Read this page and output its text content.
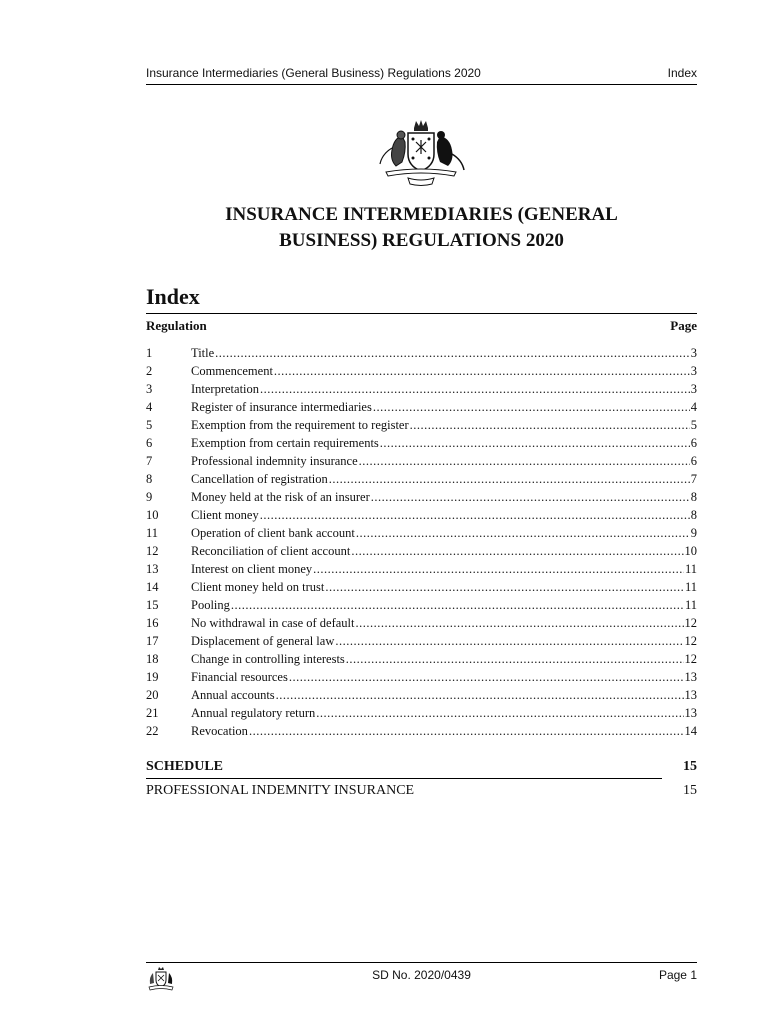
Insurance Intermediaries (General Business) Regulations 2020	Index
INSURANCE INTERMEDIARIES (GENERAL
BUSINESS) REGULATIONS 2020
Index
Regulation	Page
1	Title .....	3
2	Commencement .....	3
3	Interpretation .....	3
4	Register of insurance intermediaries .....	4
5	Exemption from the requirement to register .....	5
6	Exemption from certain requirements .....	6
7	Professional indemnity insurance .....	6
8	Cancellation of registration .....	7
9	Money held at the risk of an insurer .....	8
10	Client money .....	8
11	Operation of client bank account .....	9
12	Reconciliation of client account .....	10
13	Interest on client money .....	11
14	Client money held on trust .....	11
15	Pooling .....	11
16	No withdrawal in case of default .....	12
17	Displacement of general law .....	12
18	Change in controlling interests .....	12
19	Financial resources .....	13
20	Annual accounts .....	13
21	Annual regulatory return .....	13
22	Revocation .....	14
SCHEDULE	15
PROFESSIONAL INDEMNITY INSURANCE	15
SD No. 2020/0439	Page 1
